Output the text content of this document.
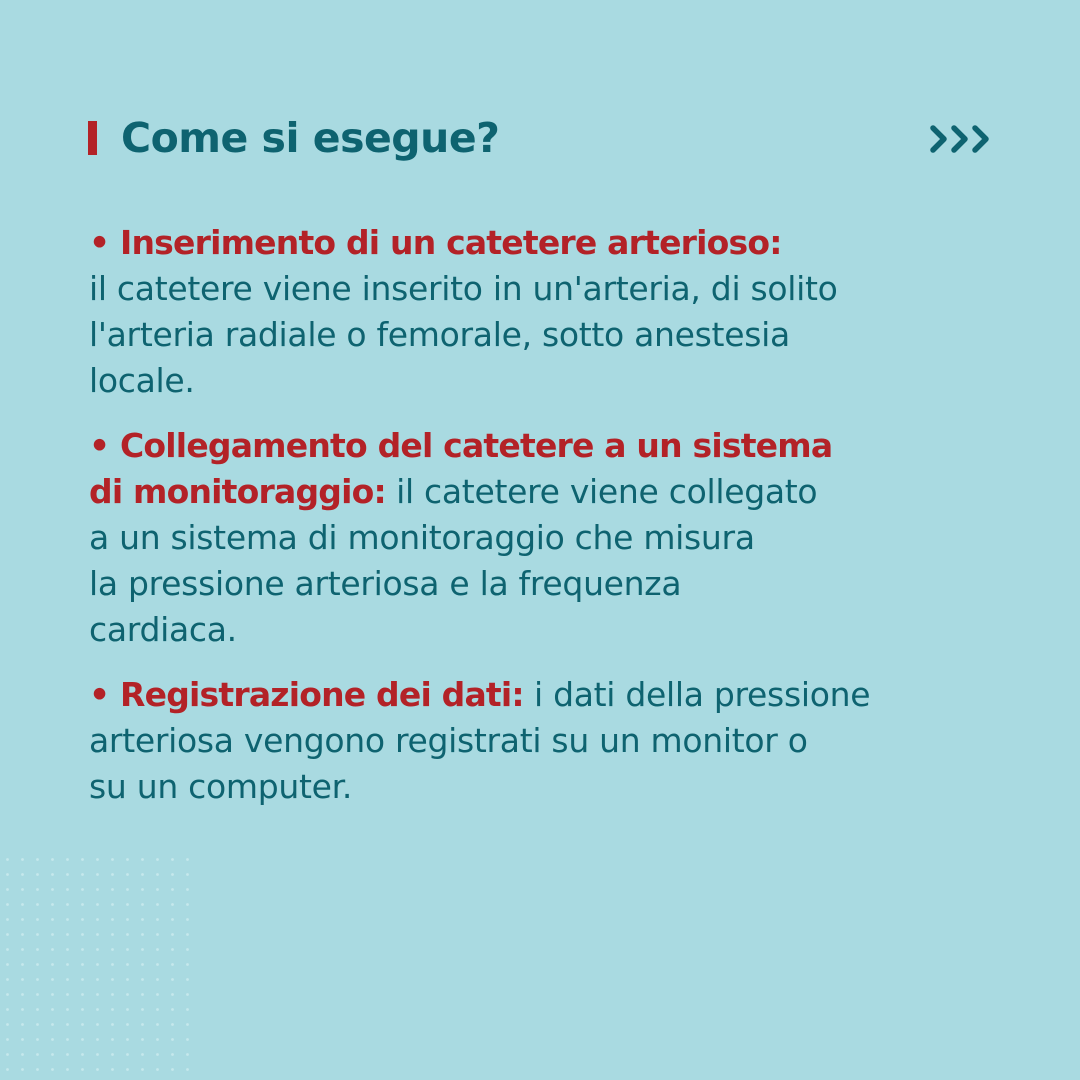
Come si esegue?

• Inserimento di un catetere arterioso:
il catetere viene inserito in un'arteria, di solito
l'arteria radiale o femorale, sotto anestesia
locale.

• Collegamento del catetere a un sistema
di monitoraggio: il catetere viene collegato
a un sistema di monitoraggio che misura
la pressione arteriosa e la frequenza
cardiaca.

• Registrazione dei dati: i dati della pressione
arteriosa vengono registrati su un monitor o
su un computer.
